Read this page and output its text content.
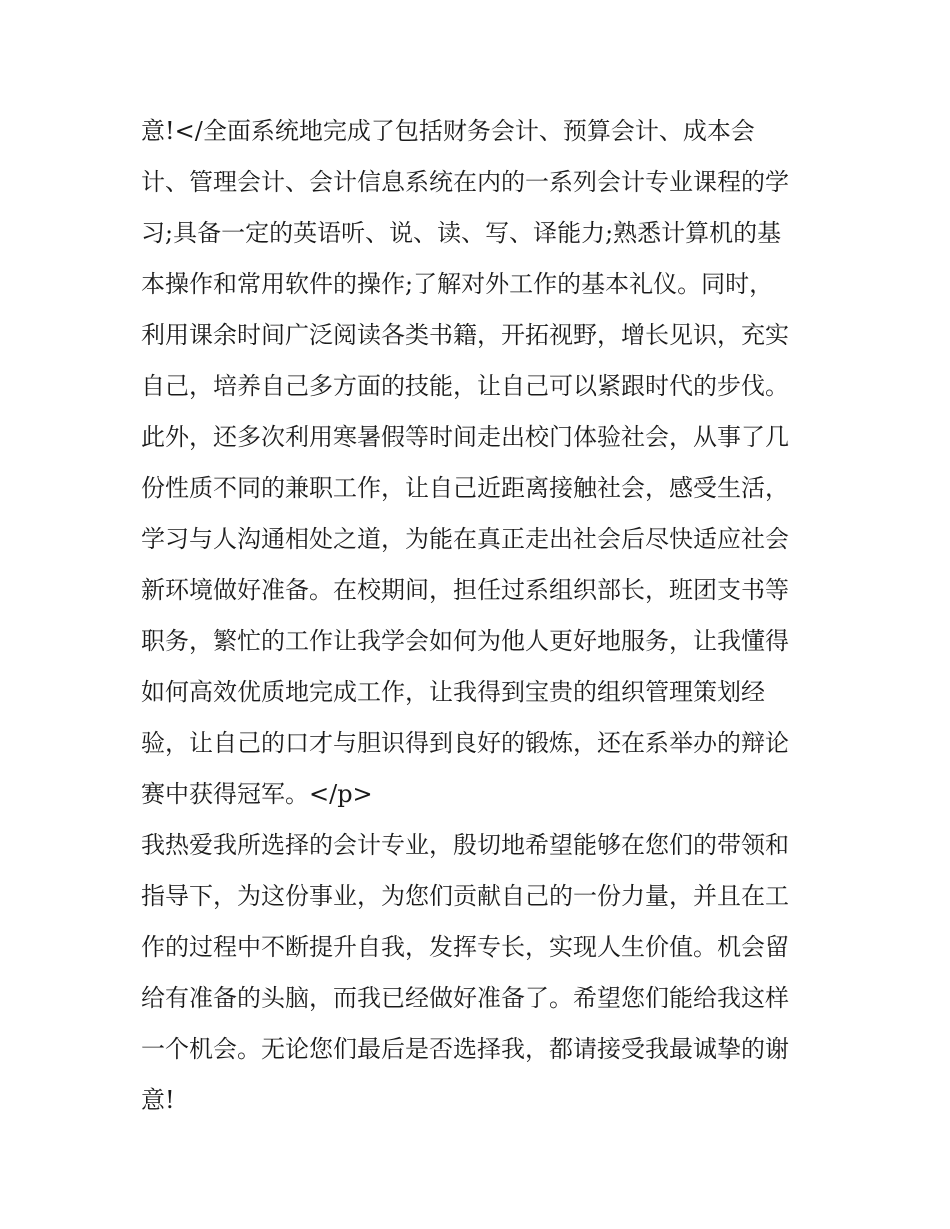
意!</全面系统地完成了包括财务会计、预算会计、成本会
计、管理会计、会计信息系统在内的一系列会计专业课程的学
习;具备一定的英语听、说、读、写、译能力;熟悉计算机的基
本操作和常用软件的操作;了解对外工作的基本礼仪。同时，
利用课余时间广泛阅读各类书籍，开拓视野，增长见识，充实
自己，培养自己多方面的技能，让自己可以紧跟时代的步伐。
此外，还多次利用寒暑假等时间走出校门体验社会，从事了几
份性质不同的兼职工作，让自己近距离接触社会，感受生活，
学习与人沟通相处之道，为能在真正走出社会后尽快适应社会
新环境做好准备。在校期间，担任过系组织部长，班团支书等
职务，繁忙的工作让我学会如何为他人更好地服务，让我懂得
如何高效优质地完成工作，让我得到宝贵的组织管理策划经
验，让自己的口才与胆识得到良好的锻炼，还在系举办的辩论
赛中获得冠军。</p>
我热爱我所选择的会计专业，殷切地希望能够在您们的带领和
指导下，为这份事业，为您们贡献自己的一份力量，并且在工
作的过程中不断提升自我，发挥专长，实现人生价值。机会留
给有准备的头脑，而我已经做好准备了。希望您们能给我这样
一个机会。无论您们最后是否选择我，都请接受我最诚挚的谢
意!
